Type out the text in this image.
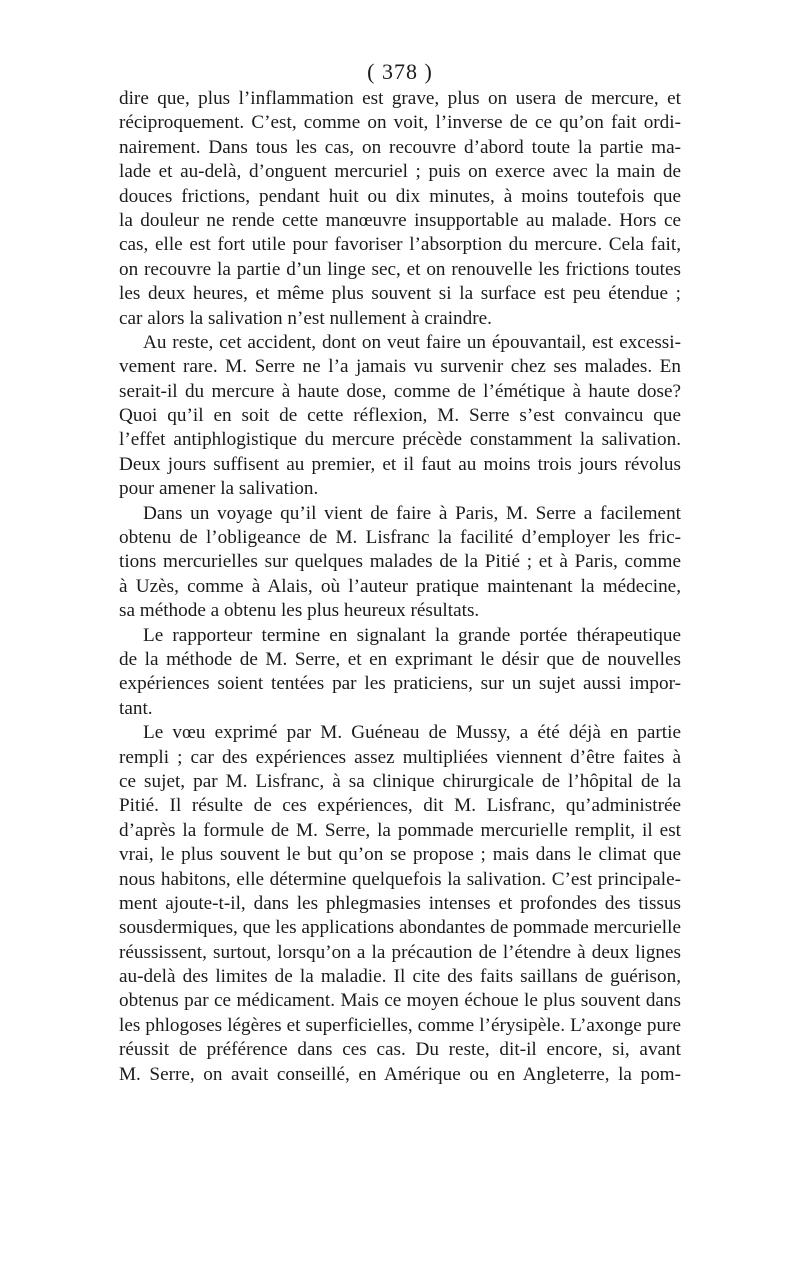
( 378 )
dire que, plus l’inflammation est grave, plus on usera de mercure, et
réciproquement. C’est, comme on voit, l’inverse de ce qu’on fait ordi-
nairement. Dans tous les cas, on recouvre d’abord toute la partie ma-
lade et au-delà, d’onguent mercuriel ; puis on exerce avec la main de
douces frictions, pendant huit ou dix minutes, à moins toutefois que
la douleur ne rende cette manœuvre insupportable au malade. Hors ce
cas, elle est fort utile pour favoriser l’absorption du mercure. Cela fait,
on recouvre la partie d’un linge sec, et on renouvelle les frictions toutes
les deux heures, et même plus souvent si la surface est peu étendue ;
car alors la salivation n’est nullement à craindre.
Au reste, cet accident, dont on veut faire un épouvantail, est excessi-
vement rare. M. Serre ne l’a jamais vu survenir chez ses malades. En
serait-il du mercure à haute dose, comme de l’émétique à haute dose?
Quoi qu’il en soit de cette réflexion, M. Serre s’est convaincu que
l’effet antiphlogistique du mercure précède constamment la salivation.
Deux jours suffisent au premier, et il faut au moins trois jours révolus
pour amener la salivation.
Dans un voyage qu’il vient de faire à Paris, M. Serre a facilement
obtenu de l’obligeance de M. Lisfranc la facilité d’employer les fric-
tions mercurielles sur quelques malades de la Pitié ; et à Paris, comme
à Uzès, comme à Alais, où l’auteur pratique maintenant la médecine,
sa méthode a obtenu les plus heureux résultats.
Le rapporteur termine en signalant la grande portée thérapeutique
de la méthode de M. Serre, et en exprimant le désir que de nouvelles
expériences soient tentées par les praticiens, sur un sujet aussi impor-
tant.
Le vœu exprimé par M. Guéneau de Mussy, a été déjà en partie
rempli ; car des expériences assez multipliées viennent d’être faites à
ce sujet, par M. Lisfranc, à sa clinique chirurgicale de l’hôpital de la
Pitié. Il résulte de ces expériences, dit M. Lisfranc, qu’administrée
d’après la formule de M. Serre, la pommade mercurielle remplit, il est
vrai, le plus souvent le but qu’on se propose ; mais dans le climat que
nous habitons, elle détermine quelquefois la salivation. C’est principale-
ment ajoute-t-il, dans les phlegmasies intenses et profondes des tissus
sousdermiques, que les applications abondantes de pommade mercurielle
réussissent, surtout, lorsqu’on a la précaution de l’étendre à deux lignes
au-delà des limites de la maladie. Il cite des faits saillans de guérison,
obtenus par ce médicament. Mais ce moyen échoue le plus souvent dans
les phlogoses légères et superficielles, comme l’érysipèle. L’axonge pure
réussit de préférence dans ces cas. Du reste, dit-il encore, si, avant
M. Serre, on avait conseillé, en Amérique ou en Angleterre, la pom-
